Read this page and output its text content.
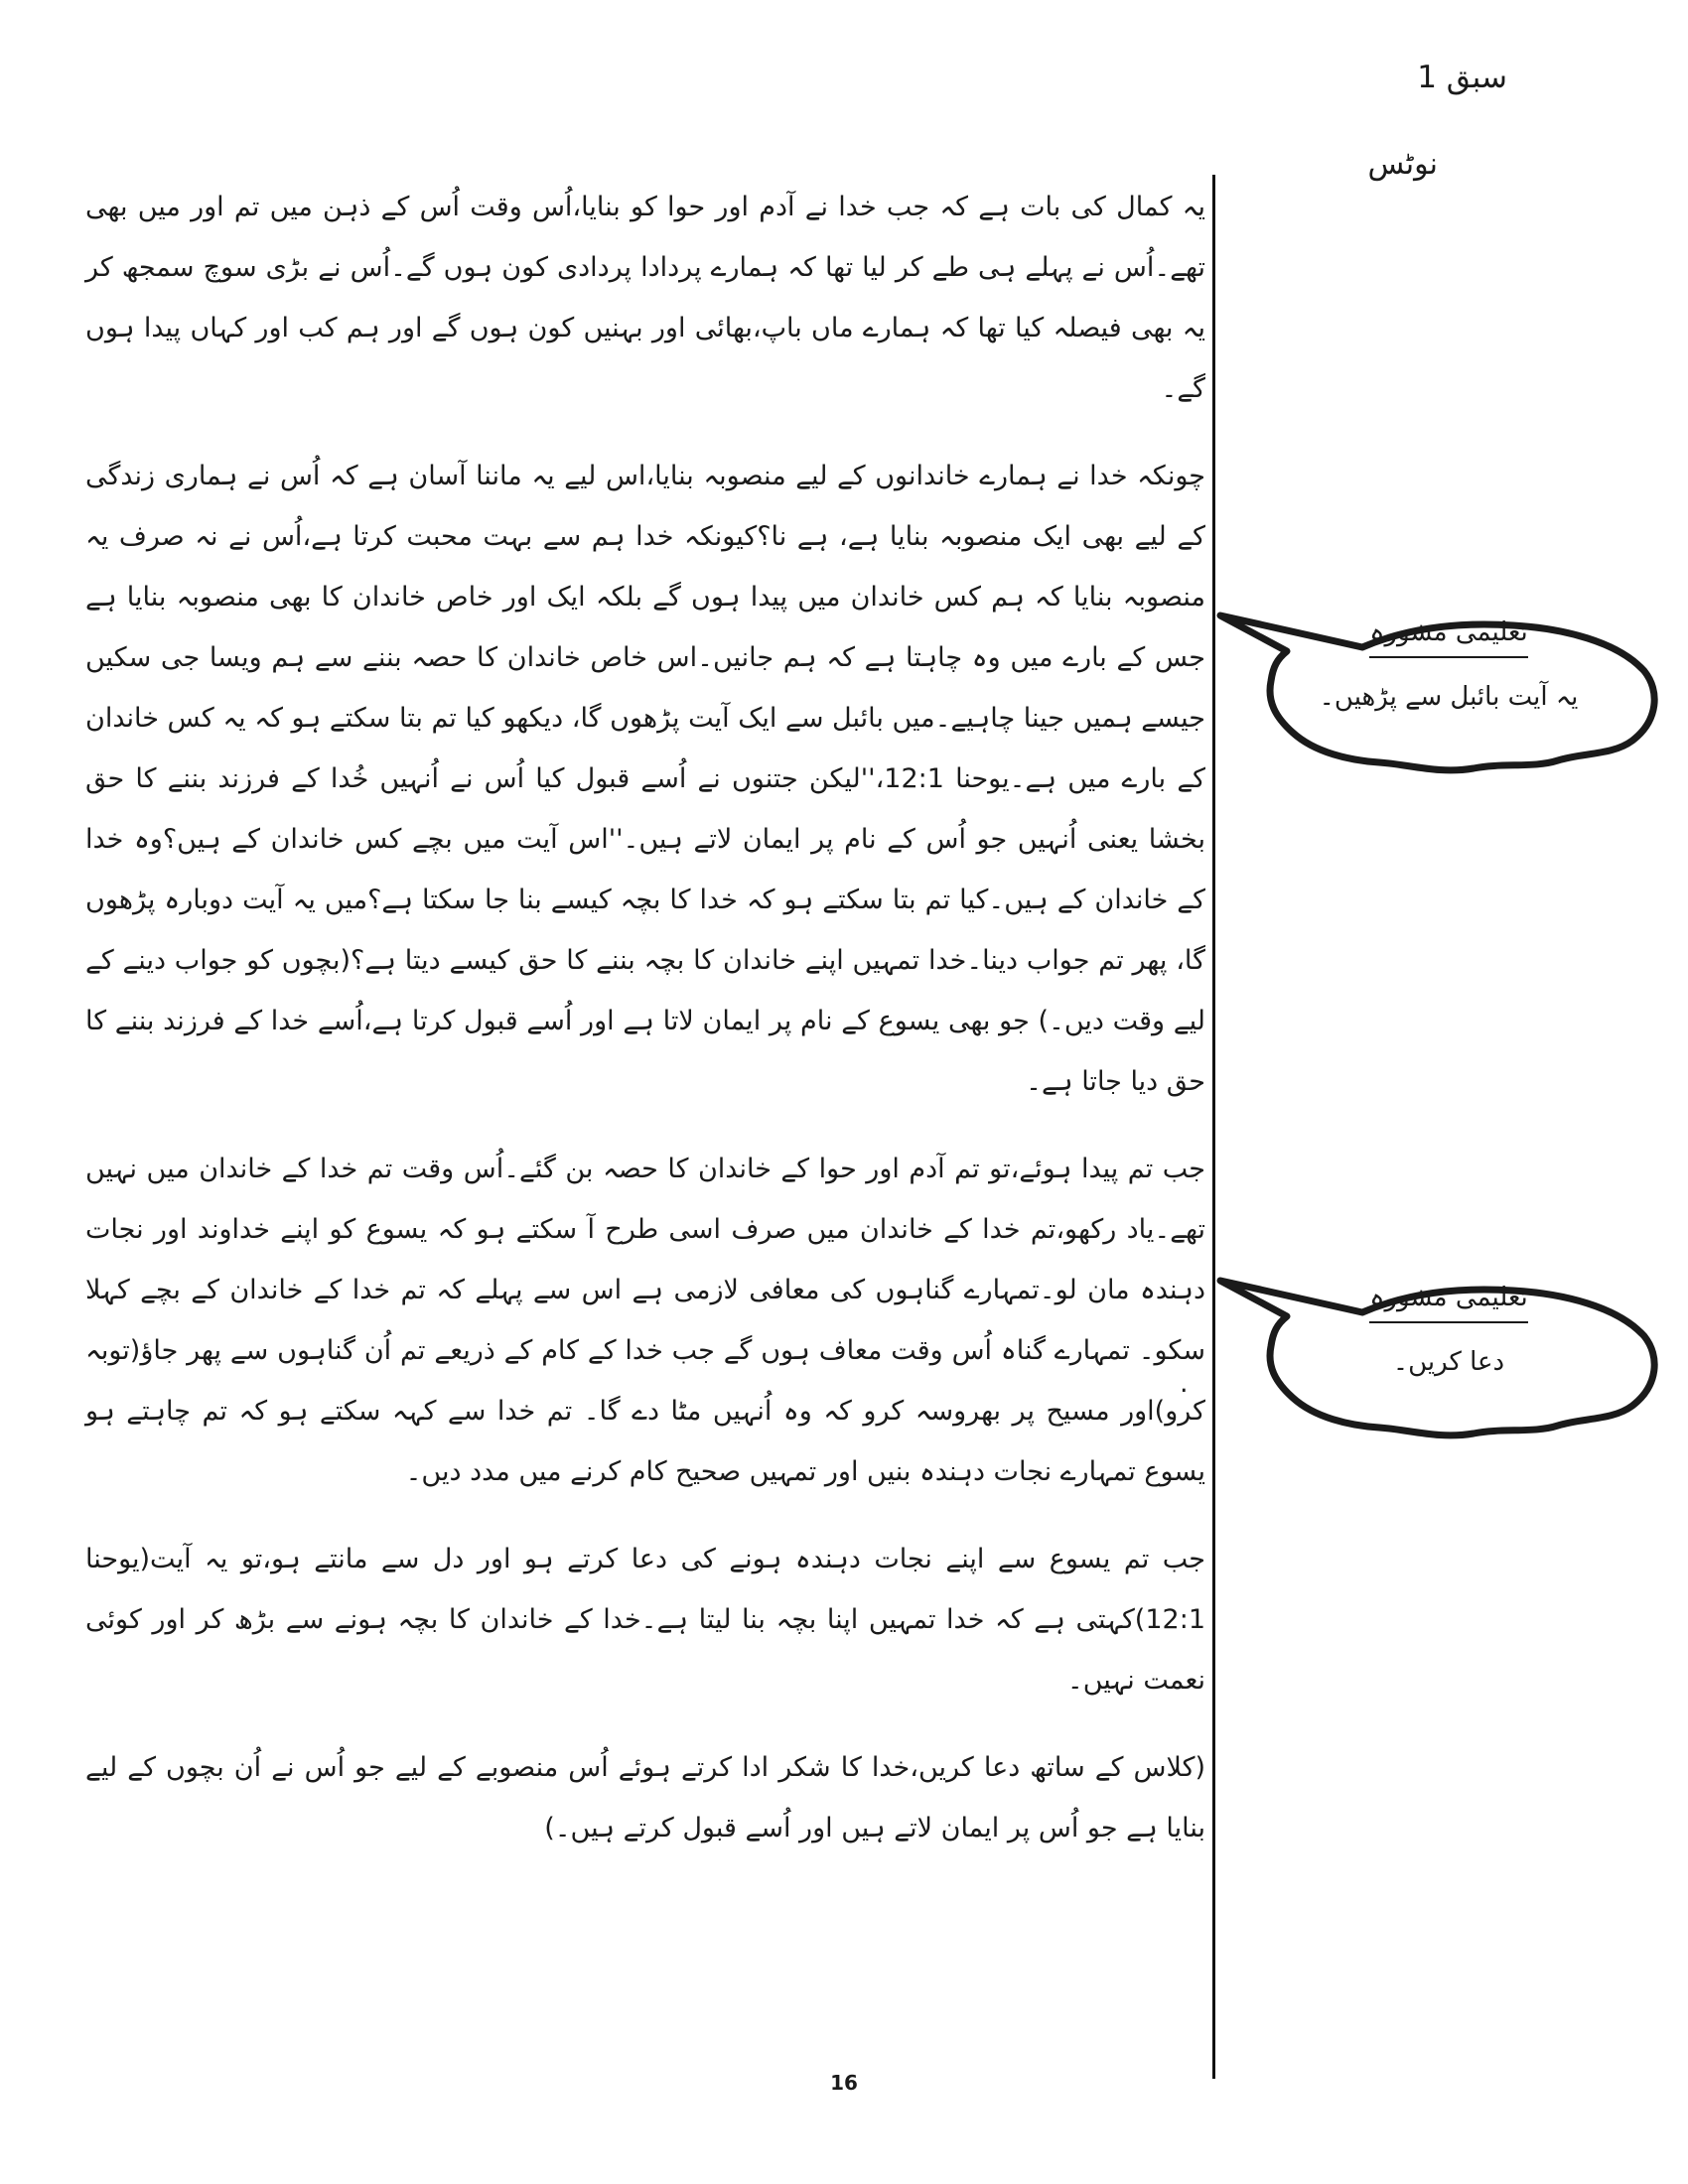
سبق 1
نوٹس

یہ کمال کی بات ہے کہ جب خدا نے آدم اور حوا کو بنایا،اُس وقت اُس کے ذہن میں تم اور میں بھی تھے۔اُس نے پہلے ہی طے کر لیا تھا کہ ہمارے پردادا پردادی کون ہوں گے۔اُس نے بڑی سوچ سمجھ کر یہ بھی فیصلہ کیا تھا کہ ہمارے ماں باپ،بھائی اور بہنیں کون ہوں گے اور ہم کب اور کہاں پیدا ہوں گے۔

چونکہ خدا نے ہمارے خاندانوں کے لیے منصوبہ بنایا،اس لیے یہ ماننا آسان ہے کہ اُس نے ہماری زندگی کے لیے بھی ایک منصوبہ بنایا ہے، ہے نا؟کیونکہ خدا ہم سے بہت محبت کرتا ہے،اُس نے نہ صرف یہ منصوبہ بنایا کہ ہم کس خاندان میں پیدا ہوں گے بلکہ ایک اور خاص خاندان کا بھی منصوبہ بنایا ہے جس کے بارے میں وہ چاہتا ہے کہ ہم جانیں۔اس خاص خاندان کا حصہ بننے سے ہم ویسا جی سکیں جیسے ہمیں جینا چاہیے۔میں بائبل سے ایک آیت پڑھوں گا، دیکھو کیا تم بتا سکتے ہو کہ یہ کس خاندان کے بارے میں ہے۔یوحنا 12:1،''لیکن جتنوں نے اُسے قبول کیا اُس نے اُنہیں خُدا کے فرزند بننے کا حق بخشا یعنی اُنہیں جو اُس کے نام پر ایمان لاتے ہیں۔''اس آیت میں بچے کس خاندان کے ہیں؟وہ خدا کے خاندان کے ہیں۔کیا تم بتا سکتے ہو کہ خدا کا بچہ کیسے بنا جا سکتا ہے؟میں یہ آیت دوبارہ پڑھوں گا، پھر تم جواب دینا۔خدا تمہیں اپنے خاندان کا بچہ بننے کا حق کیسے دیتا ہے؟(بچوں کو جواب دینے کے لیے وقت دیں۔) جو بھی یسوع کے نام پر ایمان لاتا ہے اور اُسے قبول کرتا ہے،اُسے خدا کے فرزند بننے کا حق دیا جاتا ہے۔

جب تم پیدا ہوئے،تو تم آدم اور حوا کے خاندان کا حصہ بن گئے۔اُس وقت تم خدا کے خاندان میں نہیں تھے۔یاد رکھو،تم خدا کے خاندان میں صرف اسی طرح آ سکتے ہو کہ یسوع کو اپنے خداوند اور نجات دہندہ مان لو۔تمہارے گناہوں کی معافی لازمی ہے اس سے پہلے کہ تم خدا کے خاندان کے بچے کہلا سکو۔ تمہارے گناہ اُس وقت معاف ہوں گے جب خدا کے کام کے ذریعے تم اُن گناہوں سے پھر جاؤ(توبہ کرو)اور مسیح پر بھروسہ کرو کہ وہ اُنہیں مٹا دے گا۔ تم خدا سے کہہ سکتے ہو کہ تم چاہتے ہو یسوع تمہارے نجات دہندہ بنیں اور تمہیں صحیح کام کرنے میں مدد دیں۔

جب تم یسوع سے اپنے نجات دہندہ ہونے کی دعا کرتے ہو اور دل سے مانتے ہو،تو یہ آیت(یوحنا 12:1)کہتی ہے کہ خدا تمہیں اپنا بچہ بنا لیتا ہے۔خدا کے خاندان کا بچہ ہونے سے بڑھ کر اور کوئی نعمت نہیں۔

(کلاس کے ساتھ دعا کریں،خدا کا شکر ادا کرتے ہوئے اُس منصوبے کے لیے جو اُس نے اُن بچوں کے لیے بنایا ہے جو اُس پر ایمان لاتے ہیں اور اُسے قبول کرتے ہیں۔)

.
تعلیمی مشورہ
یہ آیت بائبل سے پڑھیں۔
تعلیمی مشورہ
دعا کریں۔
16
